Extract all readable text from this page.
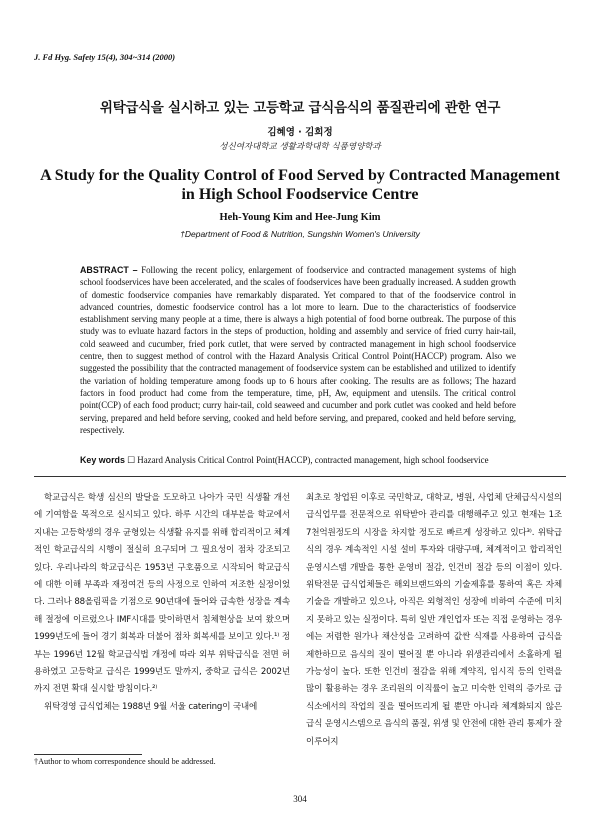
J. Fd Hyg. Safety 15(4), 304~314 (2000)
위탁급식을 실시하고 있는 고등학교 급식음식의 품질관리에 관한 연구
김혜영 · 김희정
성신여자대학교 생활과학대학 식품영양학과
A Study for the Quality Control of Food Served by Contracted Management in High School Foodservice Centre
Heh-Young Kim and Hee-Jung Kim
†Department of Food & Nutrition, Sungshin Women's University
ABSTRACT – Following the recent policy, enlargement of foodservice and contracted management systems of high school foodservices have been accelerated, and the scales of foodservices have been gradually increased. A sudden growth of domestic foodservice companies have remarkably disparated. Yet compared to that of the foodservice control in advanced countries, domestic foodservice control has a lot more to learn. Due to the characteristics of foodservice establishment serving many people at a time, there is always a high potential of food borne outbreak. The purpose of this study was to evluate hazard factors in the steps of production, holding and assembly and service of fried curry hair-tail, cold seaweed and cucumber, fried pork cutlet, that were served by contracted management in high school foodservice centre, then to suggest method of control with the Hazard Analysis Critical Control Point(HACCP) program. Also we suggested the possibility that the contracted management of foodservice system can be established and utilized to identify the variation of holding temperature among foods up to 6 hours after cooking. The results are as follows; The hazard factors in food product had come from the temperature, time, pH, Aw, equipment and utensils. The critical control point(CCP) of each food product; curry hair-tail, cold seaweed and cucumber and pork cutlet was cooked and held before serving, prepared and held before serving, cooked and held before serving, and prepared, cooked and held before serving, respectively.
Key words ☐ Hazard Analysis Critical Control Point(HACCP), contracted management, high school foodservice

학교급식은 학생 심신의 발달을 도모하고 나아가 국민 식생활 개선에 기여함을 목적으로 실시되고 있다. 하루 시간의 대부분을 학교에서 지내는 고등학생의 경우 균형있는 식생활 유지를 위해 합리적이고 체계적인 학교급식의 시행이 절실히 요구되며 그 필요성이 점차 강조되고 있다. 우리나라의 학교급식은 1953년 구호품으로 시작되어 학교급식에 대한 이해 부족과 재정여건 등의 사정으로 인하여 저조한 실정이었다. 그러나 88올림픽을 기점으로 90년대에 들어와 급속한 성장을 계속해 절정에 이르렀으나 IMF시대를 맞이하면서 침체현상을 보여 왔으며 1999년도에 들어 경기 회복과 더불어 점차 회복세를 보이고 있다.¹⁾ 정부는 1996년 12월 학교급식법 개정에 따라 외부 위탁급식을 전면 허용하였고 고등학교 급식은 1999년도 말까지, 중학교 급식은 2002년까지 전면 확대 실시할 방침이다.²⁾

위탁경영 급식업체는 1988년 9월 서울 catering이 국내에

최초로 창업된 이후로 국민학교, 대학교, 병원, 사업체 단체급식시설의 급식업무를 전문적으로 위탁받아 관리를 대행해주고 있고 현재는 1조 7천억원정도의 시장을 차지할 정도로 빠르게 성장하고 있다³⁾. 위탁급식의 경우 계속적인 시설 설비 투자와 대량구매, 체계적이고 합리적인 운영시스템 개발을 통한 운영비 절감, 인건비 절감 등의 이점이 있다. 위탁전문 급식업체들은 해외브랜드와의 기술제휴를 통하여 혹은 자체기술을 개발하고 있으나, 아직은 외형적인 성장에 비하여 수준에 미치지 못하고 있는 실정이다. 특히 일반 개인업자 또는 직접 운영하는 경우에는 저렴한 원가나 채산성을 고려하여 값싼 식재를 사용하여 급식을 제한하므로 음식의 질이 떨어질 뿐 아니라 위생관리에서 소홀하게 될 가능성이 높다. 또한 인건비 절감을 위해 계약직, 임시직 등의 인력을 많이 활용하는 경우 조리원의 이직률이 높고 미숙한 인력의 증가로 급식소에서의 작업의 질을 떨어뜨리게 될 뿐만 아니라 체계화되지 않은 급식 운영시스템으로 음식의 품질, 위생 및 안전에 대한 관리 통제가 잘 이루어지

†Author to whom correspondence should be addressed.
304
